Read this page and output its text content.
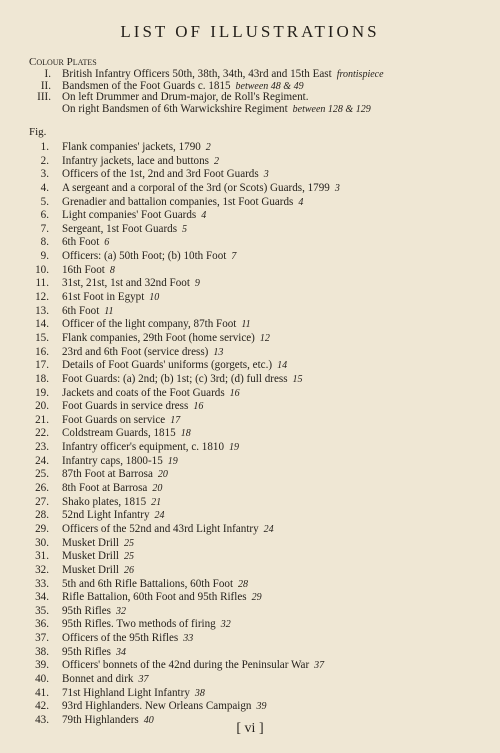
LIST OF ILLUSTRATIONS
Colour Plates
I. British Infantry Officers 50th, 38th, 34th, 43rd and 15th East frontispiece
II. Bandsmen of the Foot Guards c. 1815 between 48 & 49
III. On left Drummer and Drum-major, de Roll's Regiment.
On right Bandsmen of 6th Warwickshire Regiment between 128 & 129
Fig.
1. Flank companies' jackets, 1790 2
2. Infantry jackets, lace and buttons 2
3. Officers of the 1st, 2nd and 3rd Foot Guards 3
4. A sergeant and a corporal of the 3rd (or Scots) Guards, 1799 3
5. Grenadier and battalion companies, 1st Foot Guards 4
6. Light companies' Foot Guards 4
7. Sergeant, 1st Foot Guards 5
8. 6th Foot 6
9. Officers: (a) 50th Foot; (b) 10th Foot 7
10. 16th Foot 8
11. 31st, 21st, 1st and 32nd Foot 9
12. 61st Foot in Egypt 10
13. 6th Foot 11
14. Officer of the light company, 87th Foot 11
15. Flank companies, 29th Foot (home service) 12
16. 23rd and 6th Foot (service dress) 13
17. Details of Foot Guards' uniforms (gorgets, etc.) 14
18. Foot Guards: (a) 2nd; (b) 1st; (c) 3rd; (d) full dress 15
19. Jackets and coats of the Foot Guards 16
20. Foot Guards in service dress 16
21. Foot Guards on service 17
22. Coldstream Guards, 1815 18
23. Infantry officer's equipment, c. 1810 19
24. Infantry caps, 1800-15 19
25. 87th Foot at Barrosa 20
26. 8th Foot at Barrosa 20
27. Shako plates, 1815 21
28. 52nd Light Infantry 24
29. Officers of the 52nd and 43rd Light Infantry 24
30. Musket Drill 25
31. Musket Drill 25
32. Musket Drill 26
33. 5th and 6th Rifle Battalions, 60th Foot 28
34. Rifle Battalion, 60th Foot and 95th Rifles 29
35. 95th Rifles 32
36. 95th Rifles. Two methods of firing 32
37. Officers of the 95th Rifles 33
38. 95th Rifles 34
39. Officers' bonnets of the 42nd during the Peninsular War 37
40. Bonnet and dirk 37
41. 71st Highland Light Infantry 38
42. 93rd Highlanders. New Orleans Campaign 39
43. 79th Highlanders 40
[ vi ]
